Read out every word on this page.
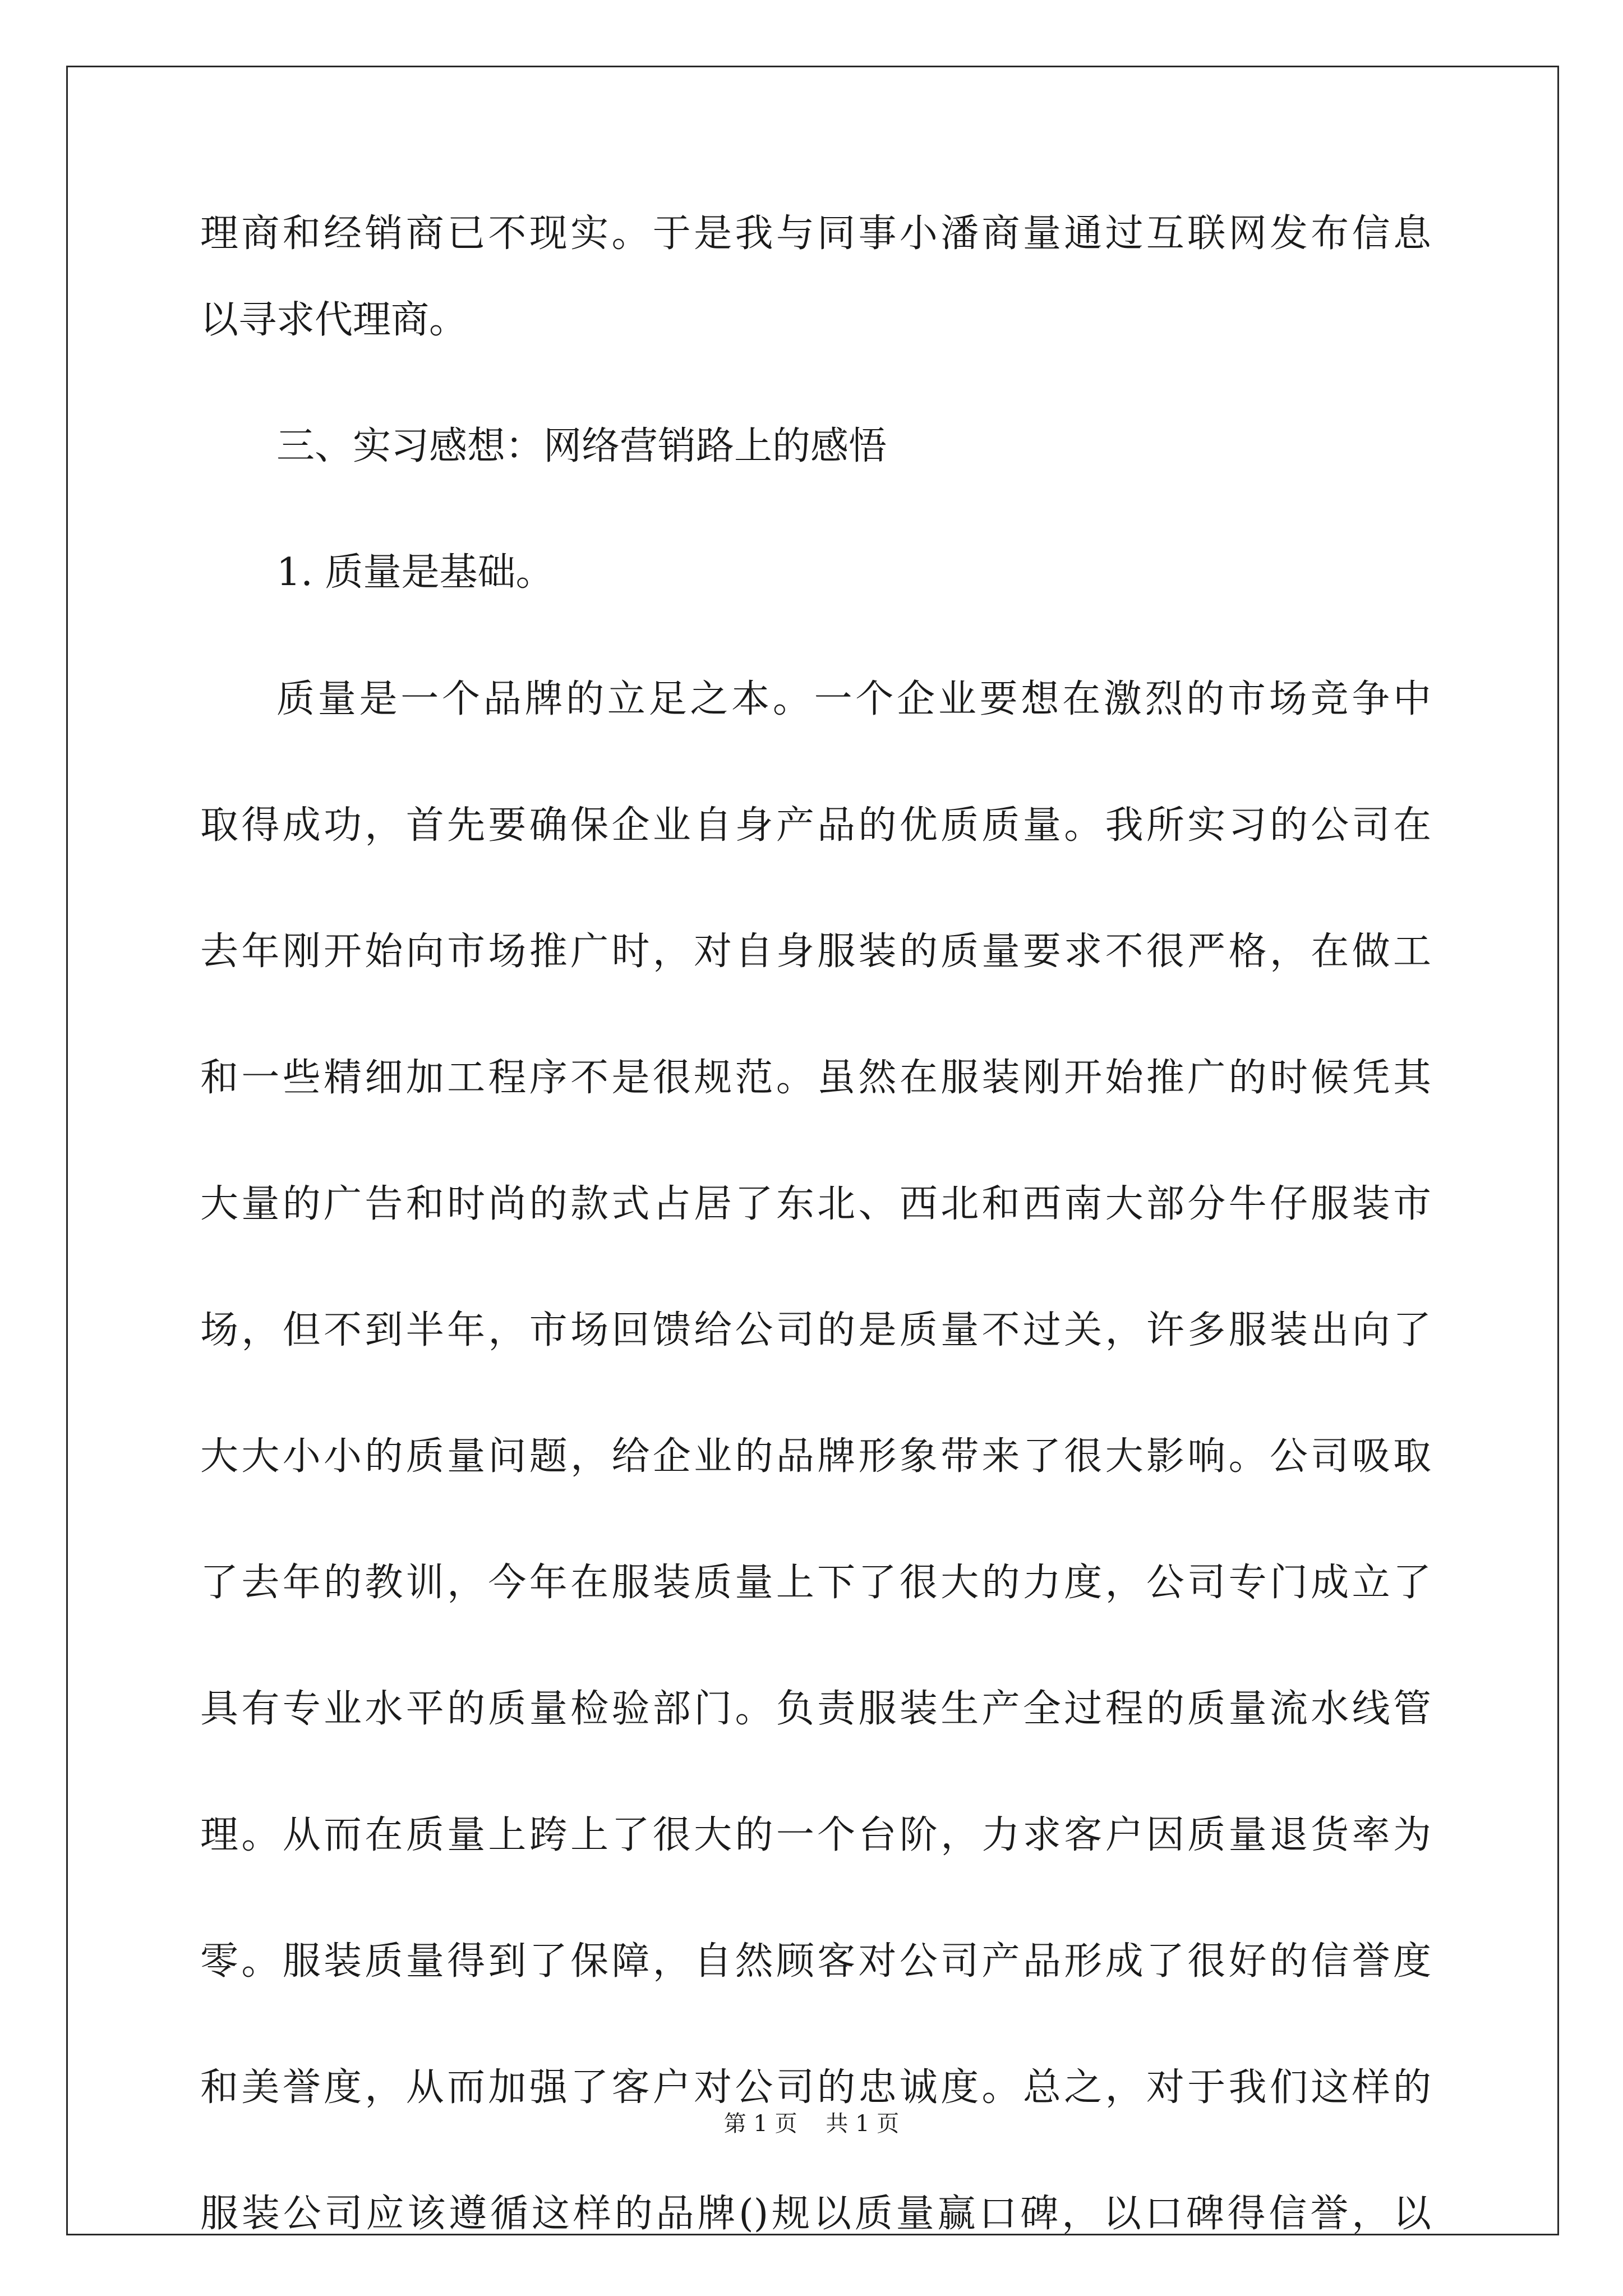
理商和经销商已不现实。于是我与同事小潘商量通过互联网发布信息
以寻求代理商。
三、实习感想：网络营销路上的感悟
1. 质量是基础。
质量是一个品牌的立足之本。一个企业要想在激烈的市场竞争中
取得成功，首先要确保企业自身产品的优质质量。我所实习的公司在
去年刚开始向市场推广时，对自身服装的质量要求不很严格，在做工
和一些精细加工程序不是很规范。虽然在服装刚开始推广的时候凭其
大量的广告和时尚的款式占居了东北、西北和西南大部分牛仔服装市
场，但不到半年，市场回馈给公司的是质量不过关，许多服装出向了
大大小小的质量问题，给企业的品牌形象带来了很大影响。公司吸取
了去年的教训，今年在服装质量上下了很大的力度，公司专门成立了
具有专业水平的质量检验部门。负责服装生产全过程的质量流水线管
理。从而在质量上跨上了很大的一个台阶，力求客户因质量退货率为
零。服装质量得到了保障，自然顾客对公司产品形成了很好的信誉度
和美誉度，从而加强了客户对公司的忠诚度。总之，对于我们这样的
服装公司应该遵循这样的品牌()规以质量赢口碑，以口碑得信誉，以
第 1 页    共 1 页
